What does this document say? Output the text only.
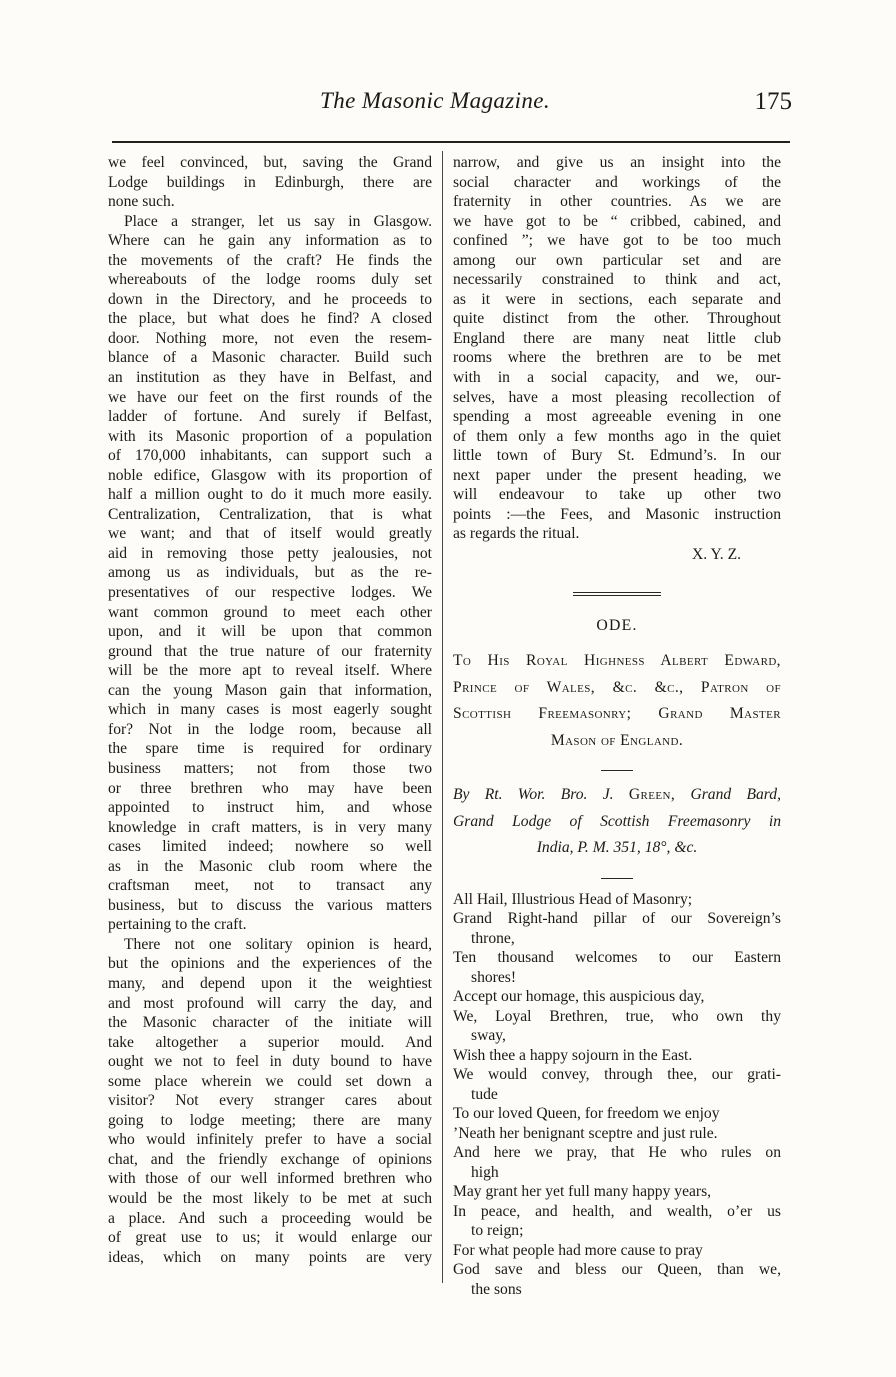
The Masonic Magazine.	175
we feel convinced, but, saving the Grand
Lodge buildings in Edinburgh, there are
none such.
Place a stranger, let us say in Glasgow.
Where can he gain any information as to
the movements of the craft? He finds the
whereabouts of the lodge rooms duly set
down in the Directory, and he proceeds to
the place, but what does he find? A closed
door. Nothing more, not even the resem-
blance of a Masonic character. Build such
an institution as they have in Belfast, and
we have our feet on the first rounds of the
ladder of fortune. And surely if Belfast,
with its Masonic proportion of a population
of 170,000 inhabitants, can support such a
noble edifice, Glasgow with its proportion of
half a million ought to do it much more easily.
Centralization, Centralization, that is what
we want; and that of itself would greatly
aid in removing those petty jealousies, not
among us as individuals, but as the re-
presentatives of our respective lodges. We
want common ground to meet each other
upon, and it will be upon that common
ground that the true nature of our fraternity
will be the more apt to reveal itself. Where
can the young Mason gain that information,
which in many cases is most eagerly sought
for? Not in the lodge room, because all
the spare time is required for ordinary
business matters; not from those two
or three brethren who may have been
appointed to instruct him, and whose
knowledge in craft matters, is in very many
cases limited indeed; nowhere so well
as in the Masonic club room where the
craftsman meet, not to transact any
business, but to discuss the various matters
pertaining to the craft.
There not one solitary opinion is heard,
but the opinions and the experiences of the
many, and depend upon it the weightiest
and most profound will carry the day, and
the Masonic character of the initiate will
take altogether a superior mould. And
ought we not to feel in duty bound to have
some place wherein we could set down a
visitor? Not every stranger cares about
going to lodge meeting; there are many
who would infinitely prefer to have a social
chat, and the friendly exchange of opinions
with those of our well informed brethren who
would be the most likely to be met at such
a place. And such a proceeding would be
of great use to us; it would enlarge our
ideas, which on many points are very
narrow, and give us an insight into the
social character and workings of the
fraternity in other countries. As we are
we have got to be “ cribbed, cabined, and
confined ”; we have got to be too much
among our own particular set and are
necessarily constrained to think and act,
as it were in sections, each separate and
quite distinct from the other. Throughout
England there are many neat little club
rooms where the brethren are to be met
with in a social capacity, and we, our-
selves, have a most pleasing recollection of
spending a most agreeable evening in one
of them only a few months ago in the quiet
little town of Bury St. Edmund’s. In our
next paper under the present heading, we
will endeavour to take up other two
points :—the Fees, and Masonic instruction
as regards the ritual.
X. Y. Z.
ODE.
To His Royal Highness Albert Edward,
Prince of Wales, &c. &c., Patron of
Scottish Freemasonry; Grand Master
Mason of England.
By Rt. Wor. Bro. J. Green, Grand Bard,
Grand Lodge of Scottish Freemasonry in
India, P. M. 351, 18°, &c.
All Hail, Illustrious Head of Masonry;
Grand Right-hand pillar of our Sovereign’s
throne,
Ten thousand welcomes to our Eastern
shores!
Accept our homage, this auspicious day,
We, Loyal Brethren, true, who own thy
sway,
Wish thee a happy sojourn in the East.
We would convey, through thee, our grati-
tude
To our loved Queen, for freedom we enjoy
’Neath her benignant sceptre and just rule.
And here we pray, that He who rules on
high
May grant her yet full many happy years,
In peace, and health, and wealth, o’er us
to reign;
For what people had more cause to pray
God save and bless our Queen, than we,
the sons
